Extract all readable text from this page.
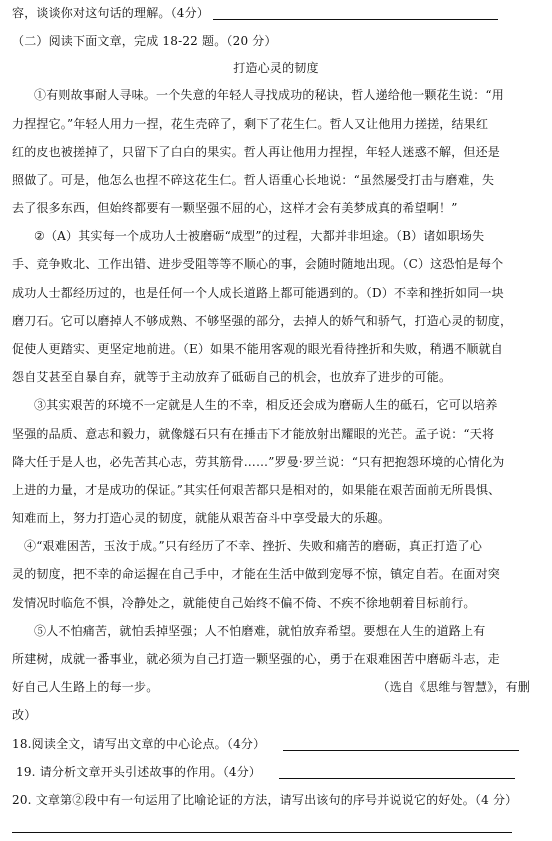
容，谈谈你对这句话的理解。（4分）
（二）阅读下面文章，完成 18-22 题。（20 分）
打造心灵的韧度
①有则故事耐人寻味。一个失意的年轻人寻找成功的秘诀，哲人递给他一颗花生说：“用
力捏捏它。”年轻人用力一捏，花生壳碎了，剩下了花生仁。哲人又让他用力搓搓，结果红
红的皮也被搓掉了，只留下了白白的果实。哲人再让他用力捏捏，年轻人迷惑不解，但还是
照做了。可是，他怎么也捏不碎这花生仁。哲人语重心长地说：“虽然屡受打击与磨难，失
去了很多东西，但始终都要有一颗坚强不屈的心，这样才会有美梦成真的希望啊！”
②（A）其实每一个成功人士被磨砺“成型”的过程，大都并非坦途。（B）诸如职场失
手、竞争败北、工作出错、进步受阻等等不顺心的事，会随时随地出现。（C）这恐怕是每个
成功人士都经历过的，也是任何一个人成长道路上都可能遇到的。（D）不幸和挫折如同一块
磨刀石。它可以磨掉人不够成熟、不够坚强的部分，去掉人的娇气和骄气，打造心灵的韧度，
促使人更踏实、更坚定地前进。（E）如果不能用客观的眼光看待挫折和失败，稍遇不顺就自
怨自艾甚至自暴自弃，就等于主动放弃了砥砺自己的机会，也放弃了进步的可能。
③其实艰苦的环境不一定就是人生的不幸，相反还会成为磨砺人生的砥石，它可以培养
坚强的品质、意志和毅力，就像燧石只有在捶击下才能放射出耀眼的光芒。孟子说：“天将
降大任于是人也，必先苦其心志，劳其筋骨……”罗曼·罗兰说：“只有把抱怨环境的心情化为
上进的力量，才是成功的保证。”其实任何艰苦都只是相对的，如果能在艰苦面前无所畏惧、
知难而上，努力打造心灵的韧度，就能从艰苦奋斗中享受最大的乐趣。
④“艰难困苦，玉汝于成。”只有经历了不幸、挫折、失败和痛苦的磨砺，真正打造了心
灵的韧度，把不幸的命运握在自己手中，才能在生活中做到宠辱不惊，镇定自若。在面对突
发情况时临危不惧，冷静处之，就能使自己始终不偏不倚、不疾不徐地朝着目标前行。
⑤人不怕痛苦，就怕丢掉坚强；人不怕磨难，就怕放弃希望。要想在人生的道路上有
所建树，成就一番事业，就必须为自己打造一颗坚强的心，勇于在艰难困苦中磨砺斗志，走
好自己人生路上的每一步。	（选自《思维与智慧》，有删
改）
18.阅读全文，请写出文章的中心论点。（4分）
19. 请分析文章开头引述故事的作用。（4分）
20. 文章第②段中有一句运用了比喻论证的方法，请写出该句的序号并说说它的好处。（4 分）
